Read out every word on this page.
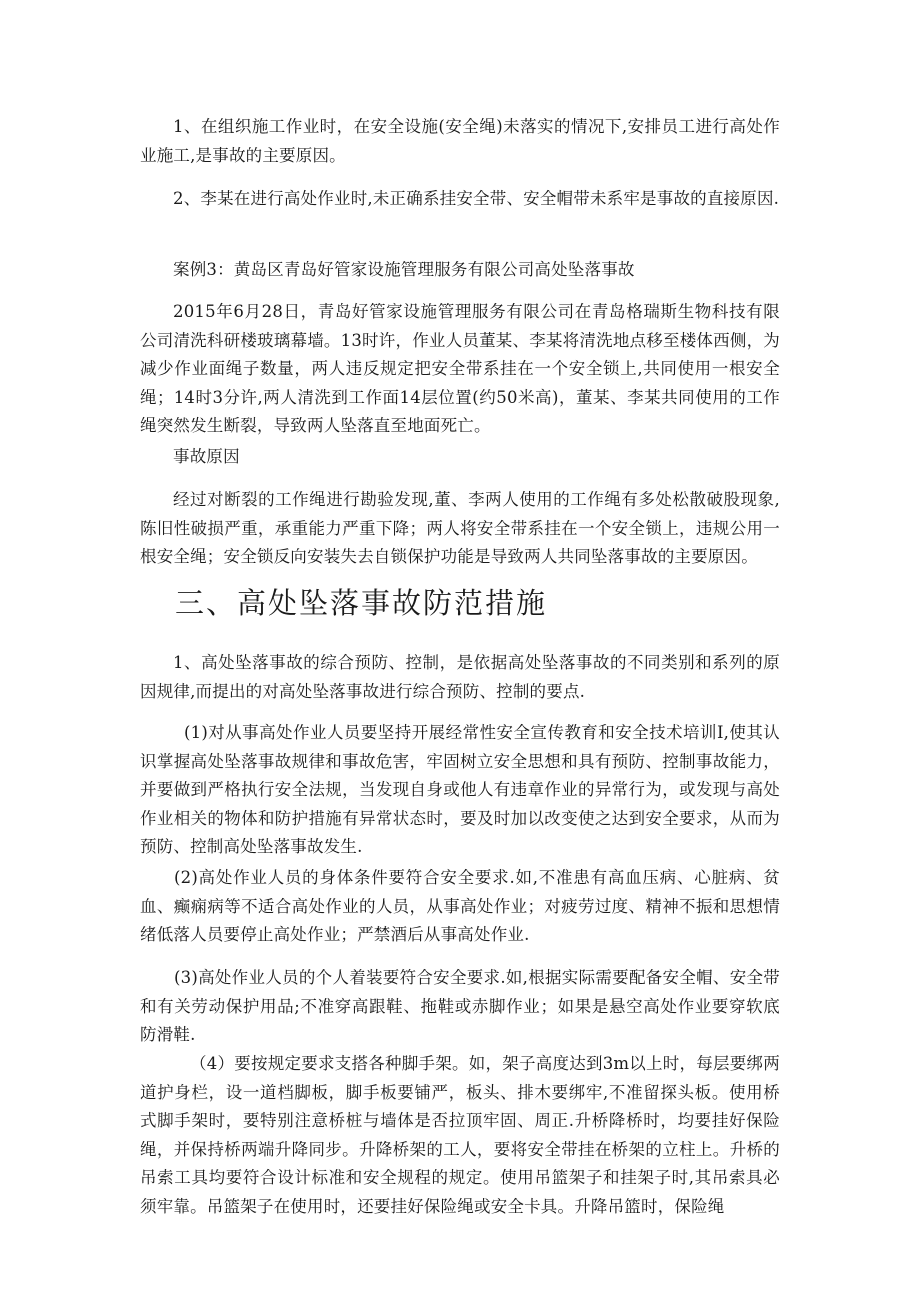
1、在组织施工作业时，在安全设施(安全绳)未落实的情况下,安排员工进行高处作业施工,是事故的主要原因。

2、李某在进行高处作业时,未正确系挂安全带、安全帽带未系牢是事故的直接原因.

案例3：黄岛区青岛好管家设施管理服务有限公司高处坠落事故

2015年6月28日，青岛好管家设施管理服务有限公司在青岛格瑞斯生物科技有限公司清洗科研楼玻璃幕墙。13时许，作业人员董某、李某将清洗地点移至楼体西侧，为减少作业面绳子数量，两人违反规定把安全带系挂在一个安全锁上,共同使用一根安全绳；14时3分许,两人清洗到工作面14层位置(约50米高)，董某、李某共同使用的工作绳突然发生断裂，导致两人坠落直至地面死亡。

事故原因

经过对断裂的工作绳进行勘验发现,董、李两人使用的工作绳有多处松散破股现象,陈旧性破损严重，承重能力严重下降；两人将安全带系挂在一个安全锁上，违规公用一根安全绳；安全锁反向安装失去自锁保护功能是导致两人共同坠落事故的主要原因。

三、高处坠落事故防范措施

1、高处坠落事故的综合预防、控制，是依据高处坠落事故的不同类别和系列的原因规律,而提出的对高处坠落事故进行综合预防、控制的要点.

(1)对从事高处作业人员要坚持开展经常性安全宣传教育和安全技术培训I,使其认识掌握高处坠落事故规律和事故危害，牢固树立安全思想和具有预防、控制事故能力，并要做到严格执行安全法规，当发现自身或他人有违章作业的异常行为，或发现与高处作业相关的物体和防护措施有异常状态时，要及时加以改变使之达到安全要求，从而为预防、控制高处坠落事故发生.

(2)高处作业人员的身体条件要符合安全要求.如,不准患有高血压病、心脏病、贫血、癫痫病等不适合高处作业的人员，从事高处作业；对疲劳过度、精神不振和思想情绪低落人员要停止高处作业；严禁酒后从事高处作业.

(3)高处作业人员的个人着装要符合安全要求.如,根据实际需要配备安全帽、安全带和有关劳动保护用品;不准穿高跟鞋、拖鞋或赤脚作业；如果是悬空高处作业要穿软底防滑鞋.

（4）要按规定要求支搭各种脚手架。如，架子高度达到3m以上时，每层要绑两道护身栏，设一道档脚板，脚手板要铺严，板头、排木要绑牢,不准留探头板。使用桥式脚手架时，要特别注意桥桩与墙体是否拉顶牢固、周正.升桥降桥时，均要挂好保险绳，并保持桥两端升降同步。升降桥架的工人，要将安全带挂在桥架的立柱上。升桥的吊索工具均要符合设计标准和安全规程的规定。使用吊篮架子和挂架子时,其吊索具必须牢靠。吊篮架子在使用时，还要挂好保险绳或安全卡具。升降吊篮时，保险绳
